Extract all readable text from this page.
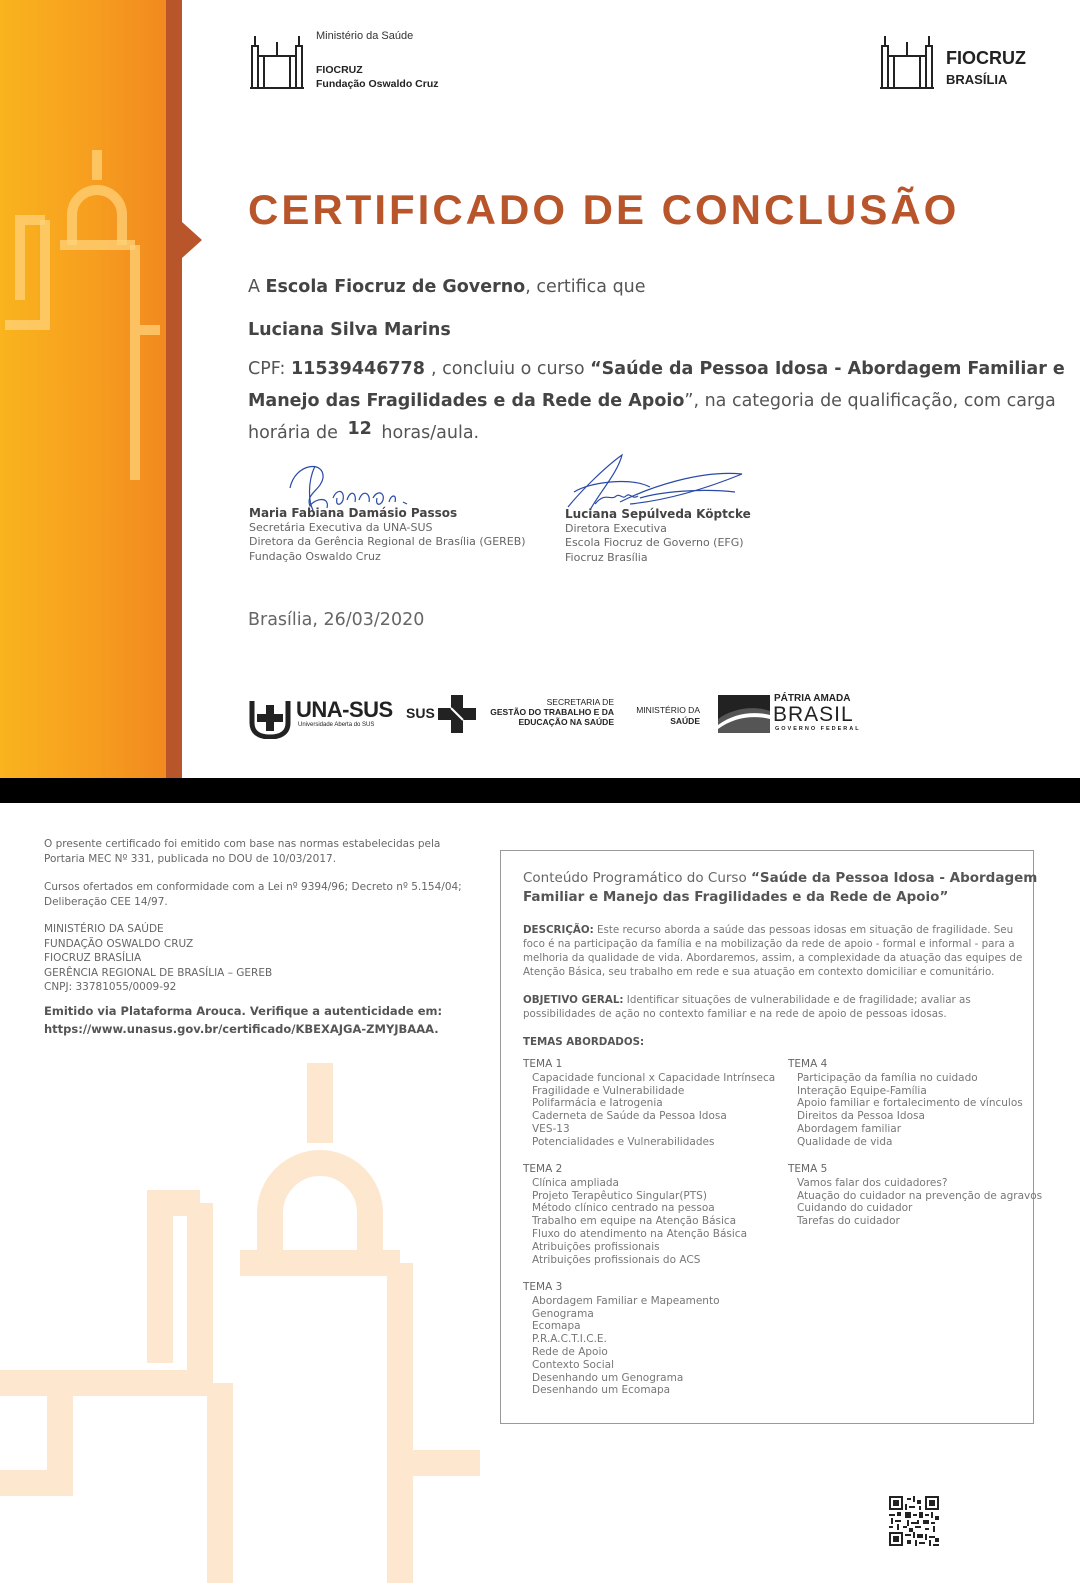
Ministério da Saúde
FIOCRUZ
Fundação Oswaldo Cruz
FIOCRUZ
BRASÍLIA
CERTIFICADO DE CONCLUSÃO
A Escola Fiocruz de Governo, certifica que
Luciana Silva Marins
CPF: 11539446778 , concluiu o curso “Saúde da Pessoa Idosa - Abordagem Familiar e
Manejo das Fragilidades e da Rede de Apoio”, na categoria de qualificação, com carga
horária de 12 horas/aula.
Maria Fabiana Damásio Passos
Secretária Executiva da UNA-SUS
Diretora da Gerência Regional de Brasília (GEREB)
Fundação Oswaldo Cruz
Luciana Sepúlveda Köptcke
Diretora Executiva
Escola Fiocruz de Governo (EFG)
Fiocruz Brasília
Brasília, 26/03/2020
UNA-SUS
Universidade Aberta do SUS
SUS
SECRETARIA DE
GESTÃO DO TRABALHO E DA
EDUCAÇÃO NA SAÚDE
MINISTÉRIO DA
SAÚDE
PÁTRIA AMADA
BRASIL
GOVERNO FEDERAL
O presente certificado foi emitido com base nas normas estabelecidas pela
Portaria MEC Nº 331, publicada no DOU de 10/03/2017.
Cursos ofertados em conformidade com a Lei nº 9394/96; Decreto nº 5.154/04;
Deliberação CEE 14/97.
MINISTÉRIO DA SAÚDE
FUNDAÇÃO OSWALDO CRUZ
FIOCRUZ BRASÍLIA
GERÊNCIA REGIONAL DE BRASÍLIA – GEREB
CNPJ: 33781055/0009-92
Emitido via Plataforma Arouca. Verifique a autenticidade em:
https://www.unasus.gov.br/certificado/KBEXAJGA-ZMYJBAAA.
Conteúdo Programático do Curso “Saúde da Pessoa Idosa - Abordagem
Familiar e Manejo das Fragilidades e da Rede de Apoio”
DESCRIÇÃO: Este recurso aborda a saúde das pessoas idosas em situação de fragilidade. Seu
foco é na participação da família e na mobilização da rede de apoio - formal e informal - para a
melhoria da qualidade de vida. Abordaremos, assim, a complexidade da atuação das equipes de
Atenção Básica, seu trabalho em rede e sua atuação em contexto domiciliar e comunitário.
OBJETIVO GERAL: Identificar situações de vulnerabilidade e de fragilidade; avaliar as
possibilidades de ação no contexto familiar e na rede de apoio de pessoas idosas.
TEMAS ABORDADOS:
TEMA 1
Capacidade funcional x Capacidade Intrínseca
Fragilidade e Vulnerabilidade
Polifarmácia e Iatrogenia
Caderneta de Saúde da Pessoa Idosa
VES-13
Potencialidades e Vulnerabilidades
TEMA 2
Clínica ampliada
Projeto Terapêutico Singular(PTS)
Método clínico centrado na pessoa
Trabalho em equipe na Atenção Básica
Fluxo do atendimento na Atenção Básica
Atribuições profissionais
Atribuições profissionais do ACS
TEMA 3
Abordagem Familiar e Mapeamento
Genograma
Ecomapa
P.R.A.C.T.I.C.E.
Rede de Apoio
Contexto Social
Desenhando um Genograma
Desenhando um Ecomapa
TEMA 4
Participação da família no cuidado
Interação Equipe-Família
Apoio familiar e fortalecimento de vínculos
Direitos da Pessoa Idosa
Abordagem familiar
Qualidade de vida
TEMA 5
Vamos falar dos cuidadores?
Atuação do cuidador na prevenção de agravos
Cuidando do cuidador
Tarefas do cuidador
